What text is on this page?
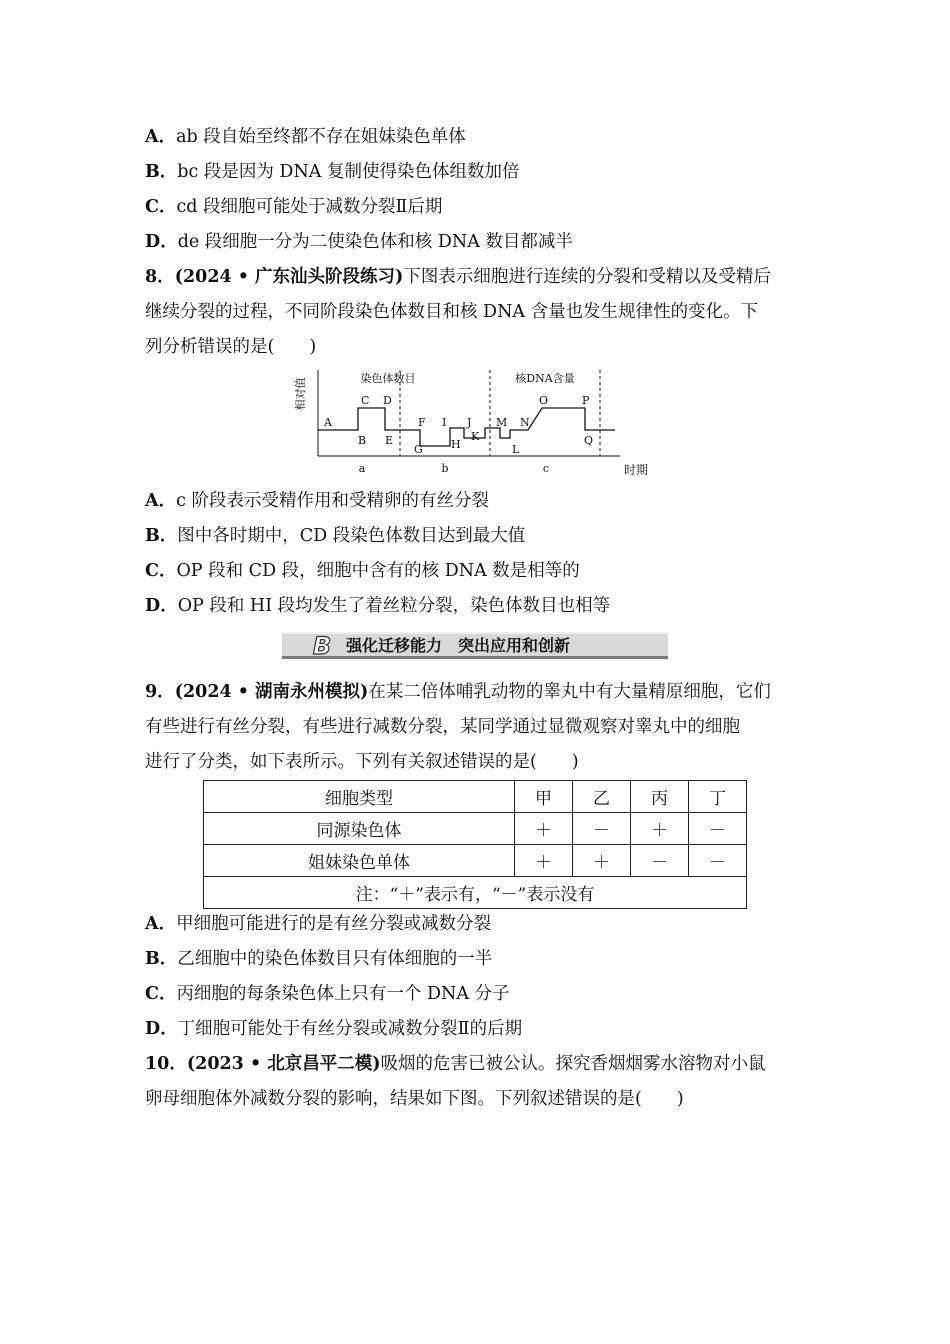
A．ab 段自始至终都不存在姐妹染色单体
B．bc 段是因为 DNA 复制使得染色体组数加倍
C．cd 段细胞可能处于减数分裂Ⅱ后期
D．de 段细胞一分为二使染色体和核 DNA 数目都减半
8．(2024 • 广东汕头阶段练习)下图表示细胞进行连续的分裂和受精以及受精后
继续分裂的过程，不同阶段染色体数目和核 DNA 含量也发生规律性的变化。下
列分析错误的是(　　)
相对值
时期
染色体数目	核DNA含量
A
B
C D
E
F
G	H
I J
K
L
M N
O	P
Q
a	b	c
A．c 阶段表示受精作用和受精卵的有丝分裂
B．图中各时期中，CD 段染色体数目达到最大值
C．OP 段和 CD 段，细胞中含有的核 DNA 数是相等的
D．OP 段和 HI 段均发生了着丝粒分裂，染色体数目也相等
B 强化迁移能力　突出应用和创新
9．(2024 • 湖南永州模拟)在某二倍体哺乳动物的睾丸中有大量精原细胞，它们
有些进行有丝分裂，有些进行减数分裂，某同学通过显微观察对睾丸中的细胞
进行了分类，如下表所示。下列有关叙述错误的是(　　)
细胞类型	甲	乙	丙	丁
同源染色体	＋	－	＋	－
姐妹染色单体	＋	＋	－	－
注：“＋”表示有，“－”表示没有				
A．甲细胞可能进行的是有丝分裂或减数分裂
B．乙细胞中的染色体数目只有体细胞的一半
C．丙细胞的每条染色体上只有一个 DNA 分子
D．丁细胞可能处于有丝分裂或减数分裂Ⅱ的后期
10．(2023 • 北京昌平二模)吸烟的危害已被公认。探究香烟烟雾水溶物对小鼠
卵母细胞体外减数分裂的影响，结果如下图。下列叙述错误的是(　　)
